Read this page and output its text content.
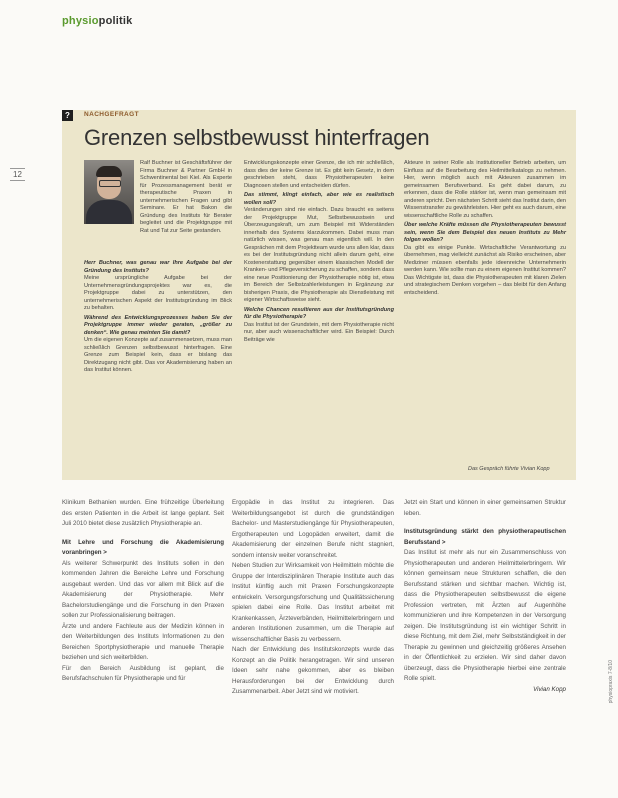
physiopolitik
12
physiopraxis 7-8/10
?	NACHGEFRAGT
Grenzen selbstbewusst hinterfragen

Ralf Buchner ist Geschäftsführer der Firma Buchner & Partner GmbH in Schwentinental bei Kiel. Als Experte für Prozessmanagement berät er therapeutische Praxen in unternehmerischen Fragen und gibt Seminare. Er hat Bakon die Gründung des Instituts für Berater begleitet und die Projektgruppe mit Rat und Tat zur Seite gestanden.

Herr Buchner, was genau war Ihre Aufgabe bei der Gründung des Instituts?

Meine ursprüngliche Aufgabe bei der Unternehmensgründungsprojektes war es, die Projektgruppe dabei zu unterstützen, den unternehmerischen Aspekt der Institutsgründung im Blick zu behalten.

Während des Entwicklungsprozesses haben Sie der Projektgruppe immer wieder geraten, „größer zu denken“. Wie genau meinten Sie damit?

Um die eigenen Konzepte auf zusammensetzen, muss man schließlich Grenzen selbstbewusst hinterfragen. Eine Grenze zum Beispiel kein, dass er bislang das Direktzugang nicht gibt. Das vor Akademisierung haben an das Institut können.

Entwicklungskonzepte einer Grenze, die ich mir schließlich, dass dies der keine Grenze ist. Es gibt kein Gesetz, in dem geschrieben steht, dass Physiotherapeuten keine Diagnosen stellen und entscheiden dürfen.

Das stimmt, klingt einfach, aber wie es realistisch wollen soll?

Veränderungen sind nie einfach. Dazu braucht es seitens der Projektgruppe Mut, Selbstbewusstsein und Überzeugungskraft, um zum Beispiel mit Widerständen innerhalb des Systems klarzukommen. Dabei muss man natürlich wissen, was genau man eigentlich will. In den Gesprächen mit dem Projektteam wurde uns allen klar, dass es bei der Institutsgründung nicht allein darum geht, eine Kostenerstattung gegenüber einem klassischen Modell der Kranken- und Pflegeversicherung zu schaffen, sondern dass eine neue Positionierung der Physiotherapie nötig ist, etwa im Bereich der Selbstzahlerleistungen in Ergänzung zur bisherigen Praxis, die Physiotherapie als Dienstleistung mit eigener Wirtschaftsweise sieht.

Welche Chancen resultieren aus der Institutsgründung für die Physiotherapie?

Das Institut ist der Grundstein, mit dem Physiotherapie nicht nur, aber auch wissenschaftlicher wird. Ein Beispiel: Durch Beiträge wie

Akteure in seiner Rolle als institutioneller Betrieb arbeiten, um Einfluss auf die Bearbeitung des Heilmittelkatalogs zu nehmen. Hier, wenn möglich auch mit Akteuren zusammen im gemeinsamen Berufsverband. Es geht dabei darum, zu erkennen, dass die Rolle stärker ist, wenn man gemeinsam mit anderen spricht. Den nächsten Schritt sieht das Institut darin, den Wissenstransfer zu gewährleisten. Hier geht es auch darum, eine wissenschaftliche Rolle zu schaffen.

Über welche Kräfte müssen die Physiotherapeuten bewusst sein, wenn Sie dem Beispiel des neuen Instituts zu Mehr folgen wollen?

Da gibt es einige Punkte. Wirtschaftliche Verantwortung zu übernehmen, mag vielleicht zunächst als Risiko erscheinen, aber Mediziner müssen ebenfalls jede ideenreiche Unternehmerin werden kann. Wie sollte man zu einem eigenen Institut kommen? Das Wichtigste ist, dass die Physiotherapeuten mit klaren Zielen und strategischem Denken vorgehen – das bleibt für den Anfang entscheidend.

Das Gespräch führte Vivian Kopp

Klinikum Bethanien wurden. Eine frühzeitige Überleitung des ersten Patienten in die Arbeit ist lange geplant. Seit Juli 2010 bietet diese zusätzlich Physiotherapie an.

Mit Lehre und Forschung die Akademisierung voranbringen >

Als weiterer Schwerpunkt des Instituts sollen in den kommenden Jahren die Bereiche Lehre und Forschung ausgebaut werden. Und das vor allem mit Blick auf die Akademisierung der Physiotherapie. Mehr Bachelorstudiengänge und die Forschung in den Praxen sollen zur Professionalisierung beitragen.

Ärzte und andere Fachleute aus der Medizin können in den Weiterbildungen des Instituts Informationen zu den Bereichen Sportphysiotherapie und manuelle Therapie beziehen und sich weiterbilden.

Für den Bereich Ausbildung ist geplant, die Berufsfachschulen für Physiotherapie und für

Ergopädie in das Institut zu integrieren. Das Weiterbildungsangebot ist durch die grundständigen Bachelor- und Masterstudiengänge für Physiotherapeuten, Ergotherapeuten und Logopäden erweitert, damit die Akademisierung der einzelnen Berufe nicht stagniert, sondern intensiv weiter voranschreitet.

Neben Studien zur Wirksamkeit von Heilmitteln möchte die Gruppe der Interdisziplinären Therapie Institute auch das Institut künftig auch mit Praxen Forschungskonzepte entwickeln. Versorgungsforschung und Qualitätssicherung spielen dabei eine Rolle. Das Institut arbeitet mit Krankenkassen, Ärzteverbänden, Heilmittelerbringern und anderen Institutionen zusammen, um die Therapie auf wissenschaftlicher Basis zu verbessern.

Nach der Entwicklung des Institutskonzepts wurde das Konzept an die Politik herangetragen. Wir sind unseren Ideen sehr nahe gekommen, aber es bleiben Herausforderungen bei der Entwicklung durch Zusammenarbeit. Aber Jetzt sind wir motiviert.

Jetzt ein Start und können in einer gemeinsamen Struktur leben.

Institutsgründung stärkt den physiotherapeutischen Berufsstand >

Das Institut ist mehr als nur ein Zusammenschluss von Physiotherapeuten und anderen Heilmittelerbringern. Wir können gemeinsam neue Strukturen schaffen, die den Berufsstand stärken und sichtbar machen. Wichtig ist, dass die Physiotherapeuten selbstbewusst die eigene Profession vertreten, mit Ärzten auf Augenhöhe kommunizieren und ihre Kompetenzen in der Versorgung zeigen. Die Institutsgründung ist ein wichtiger Schritt in diese Richtung, mit dem Ziel, mehr Selbstständigkeit in der Therapie zu gewinnen und gleichzeitig größeres Ansehen in der Öffentlichkeit zu erzielen. Wir sind daher davon überzeugt, dass die Physiotherapie hierbei eine zentrale Rolle spielt.

Vivian Kopp
